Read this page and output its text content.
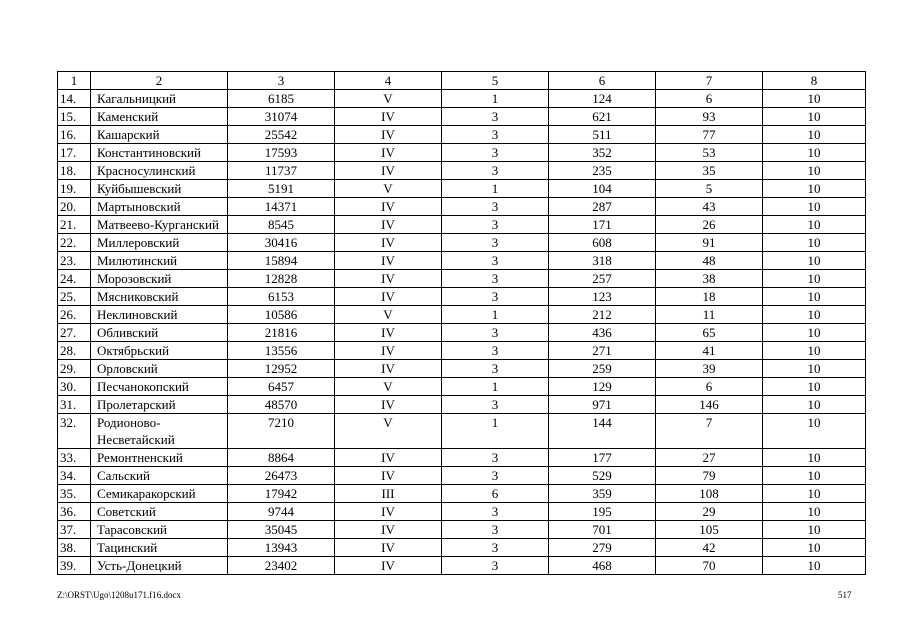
1	2	3	4	5	6	7	8
14.	Кагальницкий	6185	V	1	124	6	10
15.	Каменский	31074	IV	3	621	93	10
16.	Кашарский	25542	IV	3	511	77	10
17.	Константиновский	17593	IV	3	352	53	10
18.	Красносулинский	11737	IV	3	235	35	10
19.	Куйбышевский	5191	V	1	104	5	10
20.	Мартыновский	14371	IV	3	287	43	10
21.	Матвеево-Курганский	8545	IV	3	171	26	10
22.	Миллеровский	30416	IV	3	608	91	10
23.	Милютинский	15894	IV	3	318	48	10
24.	Морозовский	12828	IV	3	257	38	10
25.	Мясниковский	6153	IV	3	123	18	10
26.	Неклиновский	10586	V	1	212	11	10
27.	Обливский	21816	IV	3	436	65	10
28.	Октябрьский	13556	IV	3	271	41	10
29.	Орловский	12952	IV	3	259	39	10
30.	Песчанокопский	6457	V	1	129	6	10
31.	Пролетарский	48570	IV	3	971	146	10
32.	Родионово-Несветайский	7210	V	1	144	7	10
33.	Ремонтненский	8864	IV	3	177	27	10
34.	Сальский	26473	IV	3	529	79	10
35.	Семикаракорский	17942	III	6	359	108	10
36.	Советский	9744	IV	3	195	29	10
37.	Тарасовский	35045	IV	3	701	105	10
38.	Тацинский	13943	IV	3	279	42	10
39.	Усть-Донецкий	23402	IV	3	468	70	10
Z:\ORST\Ugo\1208u171.f16.docx	517
